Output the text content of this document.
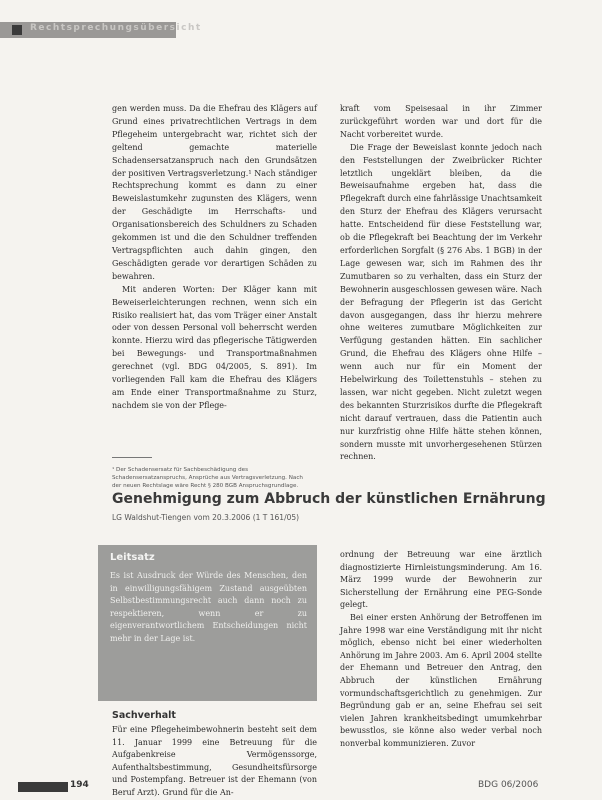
Rechtsprechungsübersicht

gen werden muss. Da die Ehefrau des Klägers auf Grund eines privatrechtlichen Vertrags in dem Pflegeheim untergebracht war, richtet sich der geltend gemachte materielle Schadensersatzanspruch nach den Grundsätzen der positiven Vertragsverletzung.¹ Nach ständiger Rechtsprechung kommt es dann zu einer Beweislastumkehr zugunsten des Klägers, wenn der Geschädigte im Herrschafts- und Organisationsbereich des Schuldners zu Schaden gekommen ist und die den Schuldner treffenden Vertragspflichten auch dahin gingen, den Geschädigten gerade vor derartigen Schäden zu bewahren.

Mit anderen Worten: Der Kläger kann mit Beweiserleichterungen rechnen, wenn sich ein Risiko realisiert hat, das vom Träger einer Anstalt oder von dessen Personal voll beherrscht werden konnte. Hierzu wird das pflegerische Tätigwerden bei Bewegungs- und Transportmaßnahmen gerechnet (vgl. BDG 04/2005, S. 891). Im vorliegenden Fall kam die Ehefrau des Klägers am Ende einer Transportmaßnahme zu Sturz, nachdem sie von der Pflege-

kraft vom Speisesaal in ihr Zimmer zurückgeführt worden war und dort für die Nacht vorbereitet wurde.

Die Frage der Beweislast konnte jedoch nach den Feststellungen der Zweibrücker Richter letztlich ungeklärt bleiben, da die Beweisaufnahme ergeben hat, dass die Pflegekraft durch eine fahrlässige Unachtsamkeit den Sturz der Ehefrau des Klägers verursacht hatte. Entscheidend für diese Feststellung war, ob die Pflegekraft bei Beachtung der im Verkehr erforderlichen Sorgfalt (§ 276 Abs. 1 BGB) in der Lage gewesen war, sich im Rahmen des ihr Zumutbaren so zu verhalten, dass ein Sturz der Bewohnerin ausgeschlossen gewesen wäre. Nach der Befragung der Pflegerin ist das Gericht davon ausgegangen, dass ihr hierzu mehrere ohne weiteres zumutbare Möglichkeiten zur Verfügung gestanden hätten. Ein sachlicher Grund, die Ehefrau des Klägers ohne Hilfe – wenn auch nur für ein Moment der Hebelwirkung des Toilettenstuhls – stehen zu lassen, war nicht gegeben. Nicht zuletzt wegen des bekannten Sturzrisikos durfte die Pflegekraft nicht darauf vertrauen, dass die Patientin auch nur kurzfristig ohne Hilfe hätte stehen können, sondern musste mit unvorhergesehenen Stürzen rechnen.

¹ Der Schadensersatz für Sachbeschädigung des Schadensersatzanspruchs, Ansprüche aus Vertragsverletzung. Nach der neuen Rechtslage wäre Recht § 280 BGB Anspruchsgrundlage.
Genehmigung zum Abbruch der künstlichen Ernährung
LG Waldshut-Tiengen vom 20.3.2006 (1 T 161/05)
Leitsatz
Es ist Ausdruck der Würde des Menschen, den in einwilligungsfähigem Zustand ausgeübten Selbstbestimmungsrecht auch dann noch zu respektieren, wenn er zu eigenverantwortlichem Entscheidungen nicht mehr in der Lage ist.
Sachverhalt
Für eine Pflegeheimbewohnerin besteht seit dem 11. Januar 1999 eine Betreuung für die Aufgabenkreise Vermögenssorge, Aufenthaltsbestimmung, Gesundheitsfürsorge und Postempfang. Betreuer ist der Ehemann (von Beruf Arzt). Grund für die An-

ordnung der Betreuung war eine ärztlich diagnostizierte Hirnleistungsminderung. Am 16. März 1999 wurde der Bewohnerin zur Sicherstellung der Ernährung eine PEG-Sonde gelegt.

Bei einer ersten Anhörung der Betroffenen im Jahre 1998 war eine Verständigung mit ihr nicht möglich, ebenso nicht bei einer wiederholten Anhörung im Jahre 2003. Am 6. April 2004 stellte der Ehemann und Betreuer den Antrag, den Abbruch der künstlichen Ernährung vormundschaftsgerichtlich zu genehmigen. Zur Begründung gab er an, seine Ehefrau sei seit vielen Jahren krankheitsbedingt umumkehrbar bewusstlos, sie könne also weder verbal noch nonverbal kommunizieren. Zuvor

194	BDG 06/2006
